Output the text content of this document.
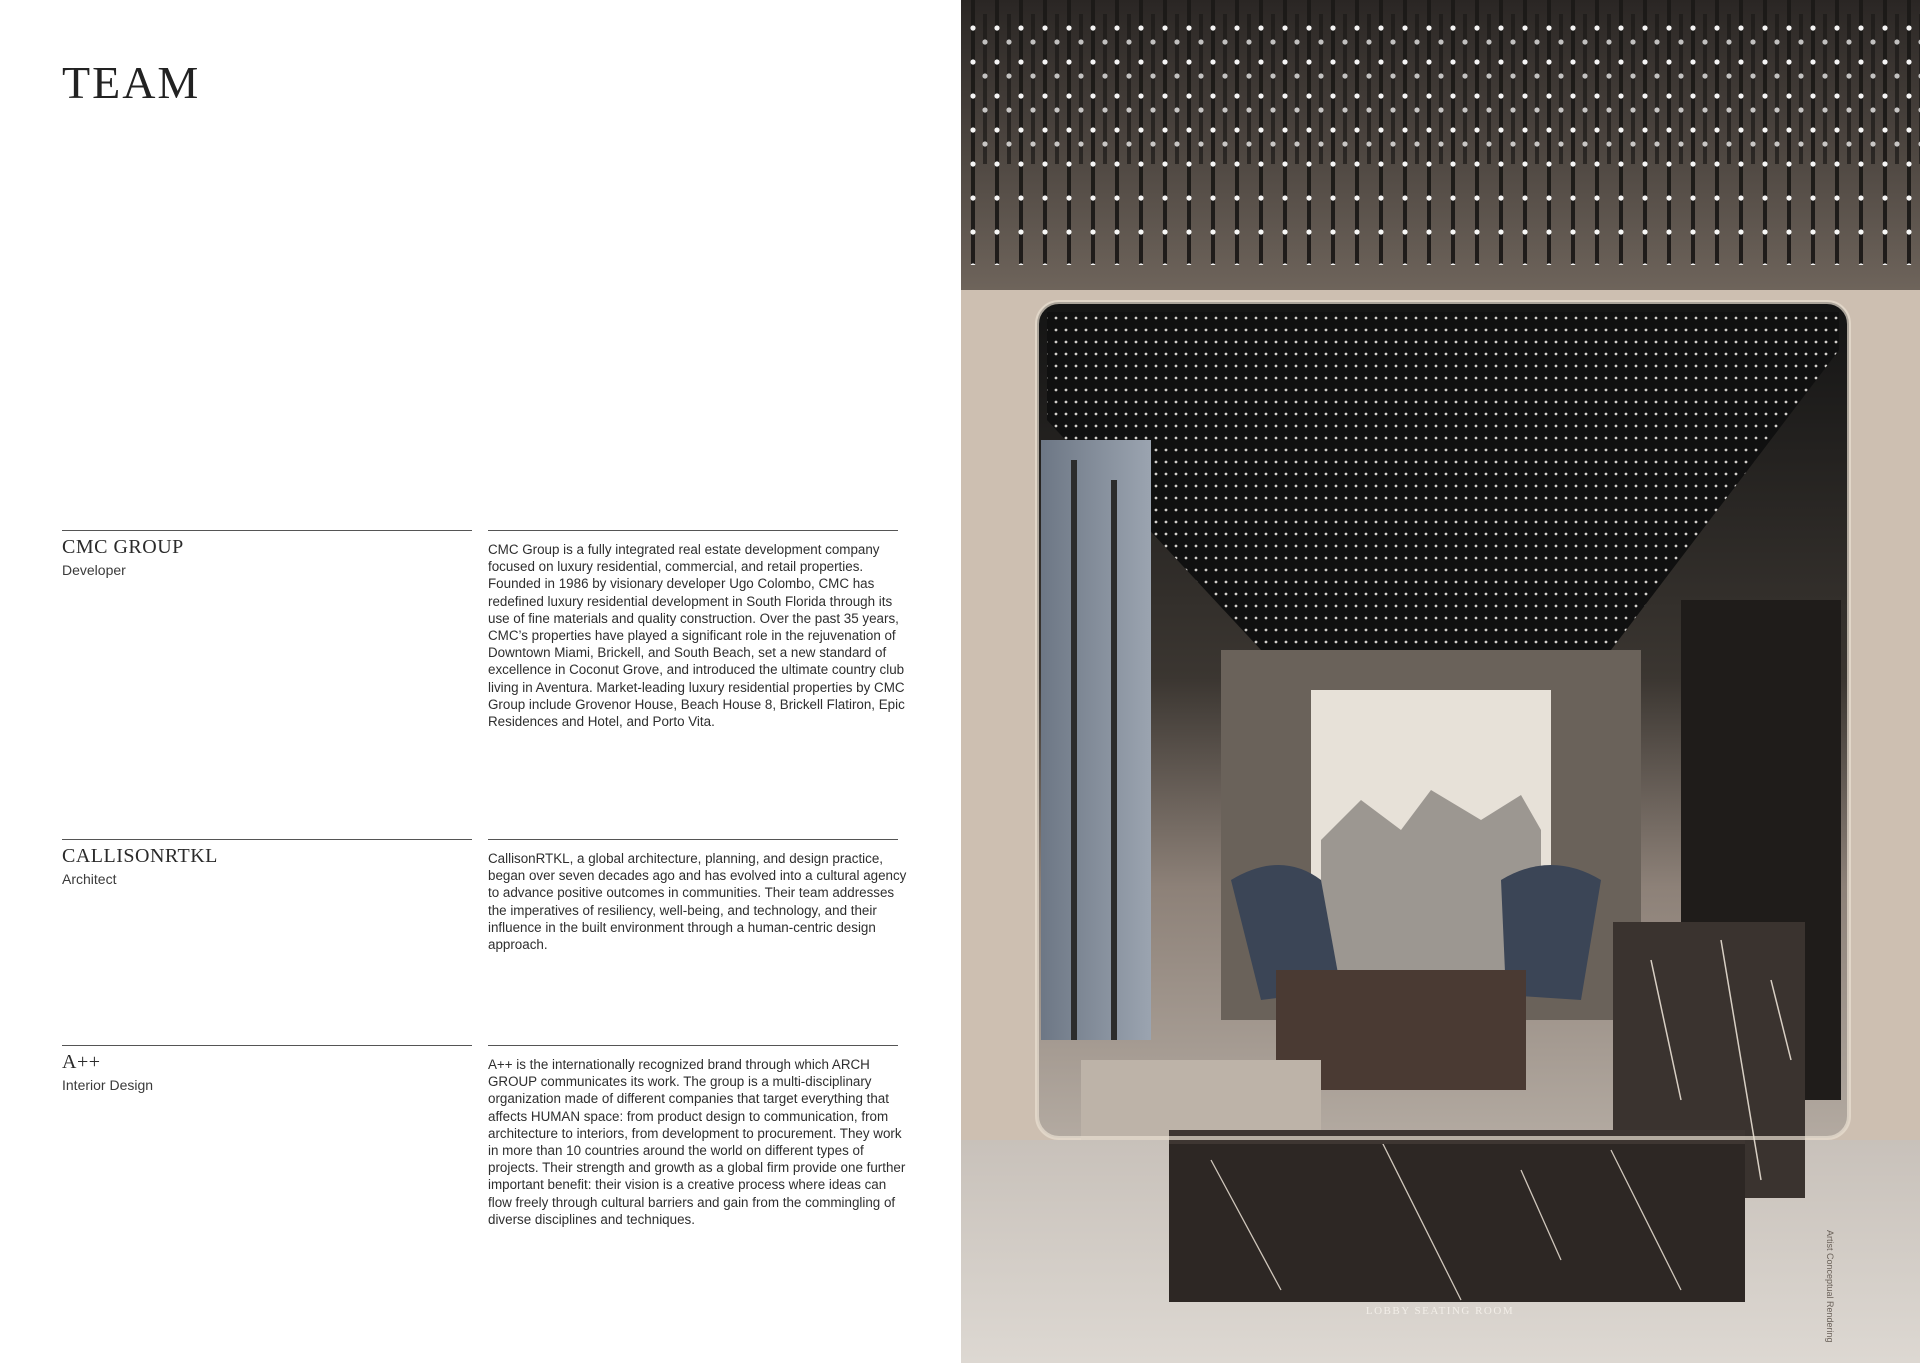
TEAM
CMC GROUP
Developer

CMC Group is a fully integrated real estate development company focused on luxury residential, commercial, and retail properties. Founded in 1986 by visionary developer Ugo Colombo, CMC has redefined luxury residential development in South Florida through its use of fine materials and quality construction. Over the past 35 years, CMC’s properties have played a significant role in the rejuvenation of Downtown Miami, Brickell, and South Beach, set a new standard of excellence in Coconut Grove, and introduced the ultimate country club living in Aventura. Market-leading luxury residential properties by CMC Group include Grovenor House, Beach House 8, Brickell Flatiron, Epic Residences and Hotel, and Porto Vita.

CALLISONRTKL
Architect

CallisonRTKL, a global architecture, planning, and design practice, began over seven decades ago and has evolved into a cultural agency to advance positive outcomes in communities. Their team addresses the imperatives of resiliency, well-being, and technology, and their influence in the built environment through a human-centric design approach.

A++
Interior Design

A++ is the internationally recognized brand through which ARCH GROUP communicates its work. The group is a multi-disciplinary organization made of different companies that target everything that affects HUMAN space: from product design to communication, from architecture to interiors, from development to procurement. They work in more than 10 countries around the world on different types of projects. Their strength and growth as a global firm provide one further important benefit: their vision is a creative process where ideas can flow freely through cultural barriers and gain from the commingling of diverse disciplines and techniques.

LOBBY SEATING ROOM	Artist Conceptual Rendering
